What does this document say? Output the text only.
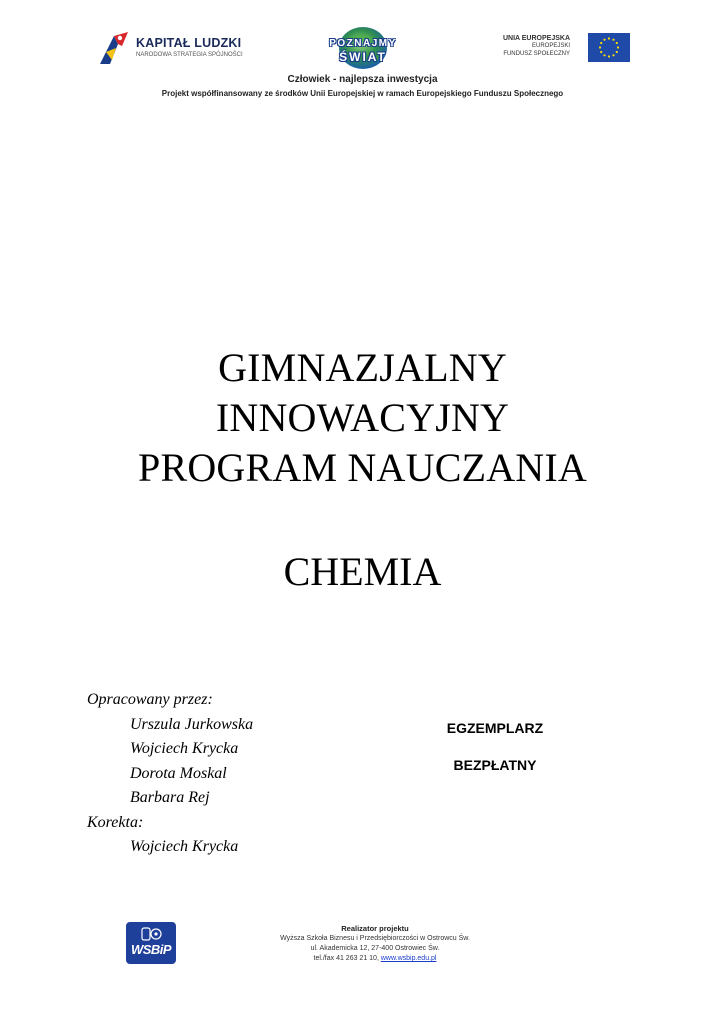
KAPITAŁ LUDZKI
NARODOWA STRATEGIA SPÓJNOŚCI
POZNAJMY
ŚWIAT
UNIA EUROPEJSKA
EUROPEJSKI
FUNDUSZ SPOŁECZNY
Człowiek - najlepsza inwestycja
Projekt współfinansowany ze środków Unii Europejskiej w ramach Europejskiego Funduszu Społecznego
GIMNAZJALNY
INNOWACYJNY
PROGRAM NAUCZANIA
CHEMIA
Opracowany przez:
Urszula Jurkowska
Wojciech Krycka
Dorota Moskal
Barbara Rej
Korekta:
Wojciech Krycka
EGZEMPLARZ
BEZPŁATNY
WSBiP
Realizator projektu
Wyższa Szkoła Biznesu i Przedsiębiorczości w Ostrowcu Św.
ul. Akademicka 12, 27-400 Ostrowiec Św.
tel./fax 41 263 21 10, www.wsbip.edu.pl
